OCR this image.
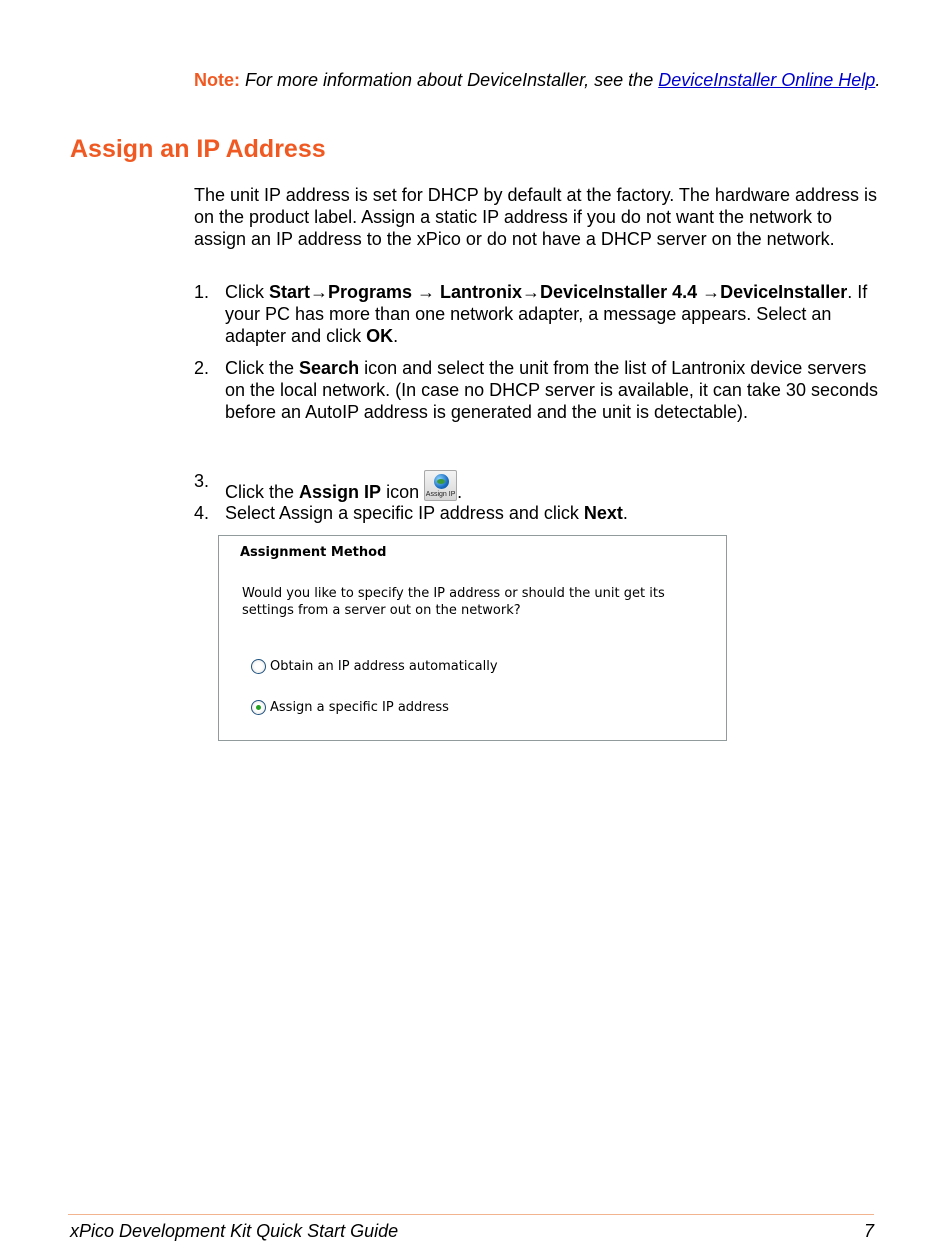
Note: For more information about DeviceInstaller, see the DeviceInstaller Online Help.
Assign an IP Address

The unit IP address is set for DHCP by default at the factory. The hardware address is on the product label. Assign a static IP address if you do not want the network to assign an IP address to the xPico or do not have a DHCP server on the network.

1. Click Start→Programs → Lantronix→DeviceInstaller 4.4 →DeviceInstaller. If your PC has more than one network adapter, a message appears. Select an adapter and click OK.
2. Click the Search icon and select the unit from the list of Lantronix device servers on the local network. (In case no DHCP server is available, it can take 30 seconds before an AutoIP address is generated and the unit is detectable).
3.
Click the Assign IP icon Assign IP .
4. Select Assign a specific IP address and click Next.
Assignment Method
Would you like to specify the IP address or should the unit get its settings from a server out on the network?
Obtain an IP address automatically
Assign a specific IP address
xPico Development Kit Quick Start Guide	7
